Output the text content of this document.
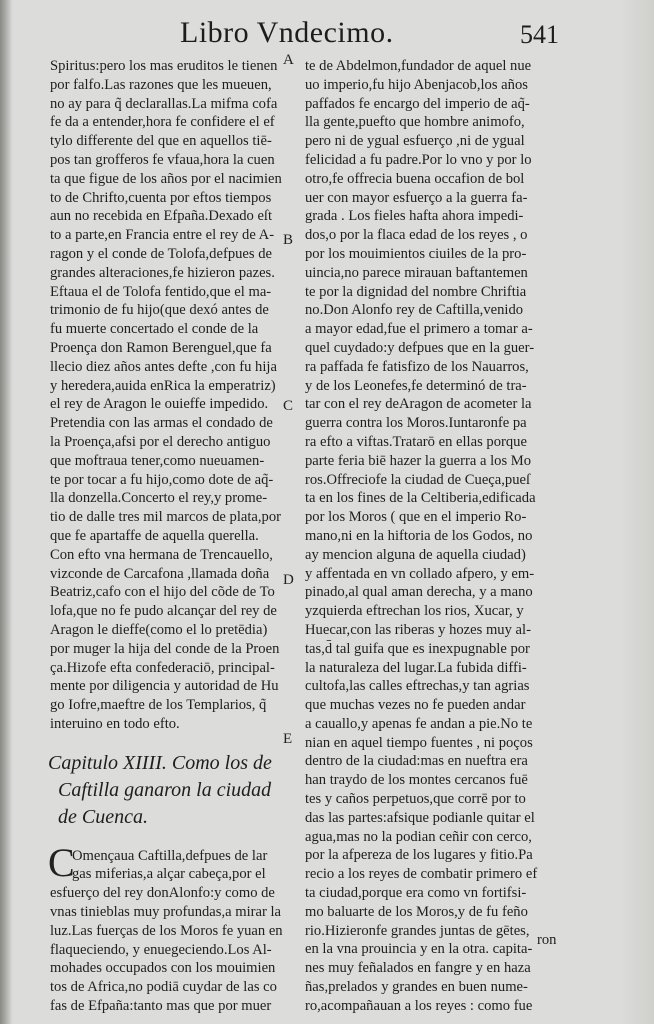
Libro Vndecimo.	541
Spiritus:pero los mas eruditos le tienen
por falfo.Las razones que les mueuen,
no ay para q̃ declarallas.La mifma cofa
fe da a entender,hora fe confidere el ef
tylo differente del que en aquellos tiē-
pos tan grofferos fe vfaua,hora la cuen
ta que figue de los años por el nacimien
to de Chrifto,cuenta por eftos tiempos
aun no recebida en Efpaña.Dexado eſt
to a parte,en Francia entre el rey de A-
ragon y el conde de Tolofa,defpues de
grandes alteraciones,fe hizieron pazes.
Eftaua el de Tolofa fentido,que el ma-
trimonio de fu hijo(que dexó antes de
fu muerte concertado el conde de la
Proença don Ramon Berenguel,que fa
llecio diez años antes defte ,con fu hija
y heredera,auida enRica la emperatriz)
el rey de Aragon le ouieffe impedido.
Pretendia con las armas el condado de
la Proença,afsi por el derecho antiguo
que moftraua tener,como nueuamen-
te por tocar a fu hijo,como dote de aq̃-
lla donzella.Concerto el rey,y prome-
tio de dalle tres mil marcos de plata,por
que fe apartaffe de aquella querella.
Con efto vna hermana de Trencauello,
vizconde de Carcafona ,llamada doña
Beatriz,cafo con el hijo del cõde de To
lofa,que no fe pudo alcançar del rey de
Aragon le dieffe(como el lo pretēdia)
por muger la hija del conde de la Proen
ça.Hizofe efta confederaciō, principal-
mente por diligencia y autoridad de Hu
go Iofre,maeftre de los Templarios, q̃
interuino en todo efto.
Capitulo XIIII. Como los de
Caftilla ganaron la ciudad
de Cuenca.
C
Omençaua Caftilla,defpues de lar
gas miferias,a alçar cabeça,por el
esfuerço del rey donAlonfo:y como de
vnas tinieblas muy profundas,a mirar la
luz.Las fuerças de los Moros fe yuan en
flaqueciendo, y enuegeciendo.Los Al-
mohades occupados con los mouimien
tos de Africa,no podiā cuydar de las co
fas de Efpaña:tanto mas que por muer
te de Abdelmon,fundador de aquel nue
uo imperio,fu hijo Abenjacob,los años
paffados fe encargo del imperio de aq̃-
lla gente,puefto que hombre animofo,
pero ni de ygual esfuerço ,ni de ygual
felicidad a fu padre.Por lo vno y por lo
otro,fe offrecia buena occafion de bol
uer con mayor esfuerço a la guerra fa-
grada . Los fieles hafta ahora impedi-
dos,o por la flaca edad de los reyes , o
por los mouimientos ciuiles de la pro-
uincia,no parece mirauan baftantemen
te por la dignidad del nombre Chriftia
no.Don Alonfo rey de Caftilla,venido
a mayor edad,fue el primero a tomar a-
quel cuydado:y defpues que en la guer-
ra paffada fe fatisfizo de los Nauarros,
y de los Leonefes,fe determinó de tra-
tar con el rey deAragon de acometer la
guerra contra los Moros.Iuntaronfe pa
ra efto a viftas.Tratarō en ellas porque
parte feria biē hazer la guerra a los Mo
ros.Offreciofe la ciudad de Cueça,pueſ
ta en los fines de la Celtiberia,edificada
por los Moros ( que en el imperio Ro-
mano,ni en la hiftoria de los Godos, no
ay mencion alguna de aquella ciudad)
y affentada en vn collado afpero, y em-
pinado,al qual aman derecha, y a mano
yzquierda eftrechan los rios, Xucar, y
Huecar,con las riberas y hozes muy al-
tas,d̄ tal guifa que es inexpugnable por
la naturaleza del lugar.La fubida diffi-
cultofa,las calles eftrechas,y tan agrias
que muchas vezes no fe pueden andar
a cauallo,y apenas fe andan a pie.No te
nian en aquel tiempo fuentes , ni poços
dentro de la ciudad:mas en nueftra era
han traydo de los montes cercanos fuē
tes y caños perpetuos,que corrē por to
das las partes:afsique podianle quitar el
agua,mas no la podian ceñir con cerco,
por la afpereza de los lugares y fitio.Pa
recio a los reyes de combatir primero ef
ta ciudad,porque era como vn fortifsi-
mo baluarte de los Moros,y de fu feño
rio.Hizieronfe grandes juntas de gētes,
en la vna prouincia y en la otra. capita-
nes muy feñalados en fangre y en haza
ñas,prelados y grandes en buen nume-
ro,acompañauan a los reyes : como fue
A
B
C
D
E
ron
